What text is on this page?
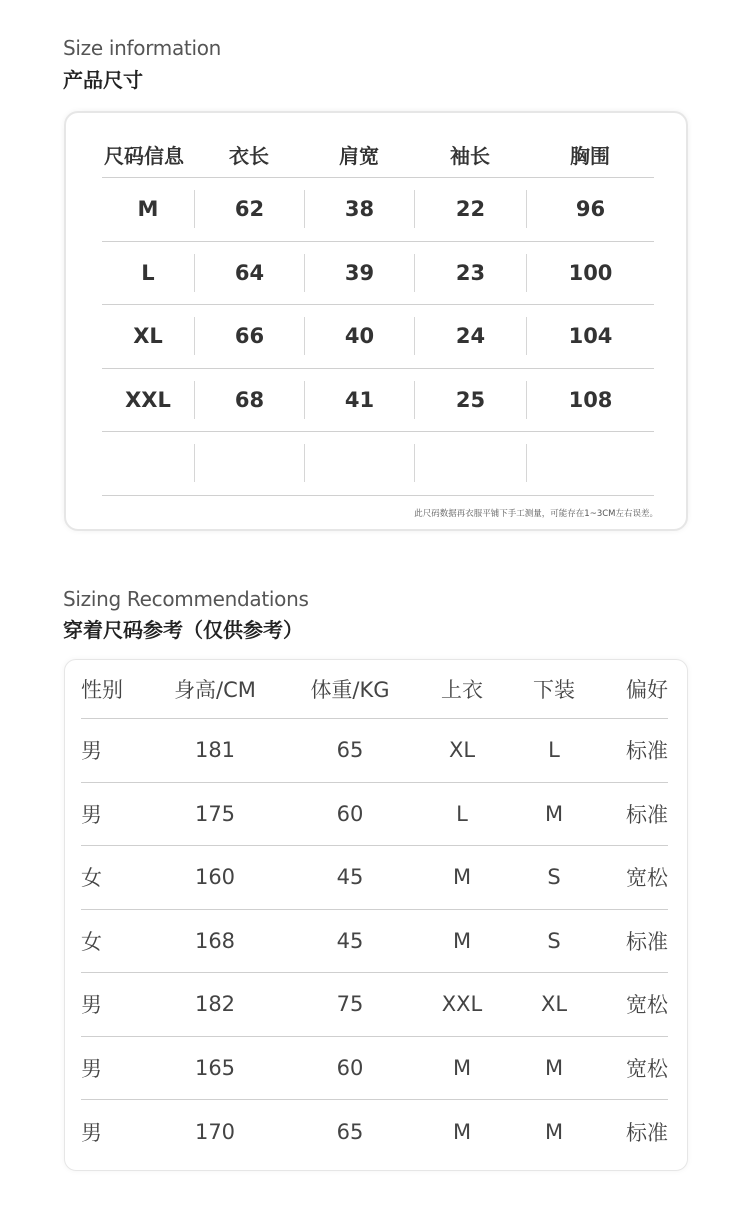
Size information
产品尺寸
尺码信息	衣长	肩宽	袖长	胸围
M	62	38	22	96
L	64	39	23	100
XL	66	40	24	104
XXL	68	41	25	108
此尺码数据再衣服平铺下手工测量，可能存在1~3CM左右误差。
Sizing Recommendations
穿着尺码参考（仅供参考）
性别	身高/CM	体重/KG	上衣	下装	偏好
男	181	65	XL	L	标准
男	175	60	L	M	标准
女	160	45	M	S	宽松
女	168	45	M	S	标准
男	182	75	XXL	XL	宽松
男	165	60	M	M	宽松
男	170	65	M	M	标准
